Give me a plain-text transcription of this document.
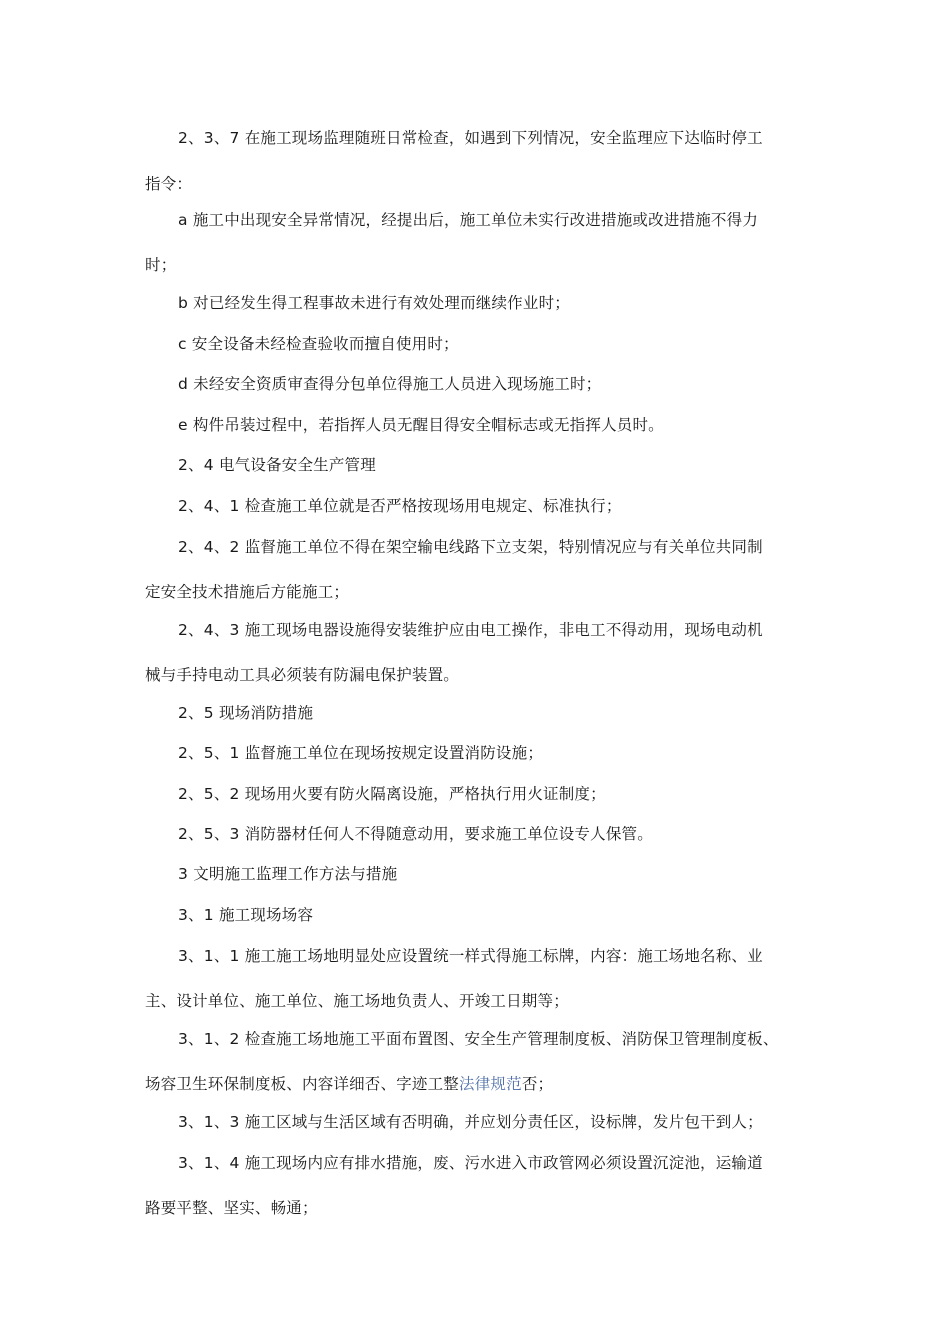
2、3、7 在施工现场监理随班日常检查，如遇到下列情况，安全监理应下达临时停工
指令：
a 施工中出现安全异常情况，经提出后，施工单位未实行改进措施或改进措施不得力
时；
b 对已经发生得工程事故未进行有效处理而继续作业时；
c 安全设备未经检查验收而擅自使用时；
d 未经安全资质审查得分包单位得施工人员进入现场施工时；
e 构件吊装过程中，若指挥人员无醒目得安全帽标志或无指挥人员时。
2、4 电气设备安全生产管理
2、4、1 检查施工单位就是否严格按现场用电规定、标准执行；
2、4、2 监督施工单位不得在架空输电线路下立支架，特别情况应与有关单位共同制
定安全技术措施后方能施工；
2、4、3 施工现场电器设施得安装维护应由电工操作，非电工不得动用，现场电动机
械与手持电动工具必须装有防漏电保护装置。
2、5 现场消防措施
2、5、1 监督施工单位在现场按规定设置消防设施；
2、5、2 现场用火要有防火隔离设施，严格执行用火证制度；
2、5、3 消防器材任何人不得随意动用，要求施工单位设专人保管。
3 文明施工监理工作方法与措施
3、1 施工现场场容
3、1、1 施工施工场地明显处应设置统一样式得施工标牌，内容：施工场地名称、业
主、设计单位、施工单位、施工场地负责人、开竣工日期等；
3、1、2 检查施工场地施工平面布置图、安全生产管理制度板、消防保卫管理制度板、
场容卫生环保制度板、内容详细否、字迹工整法律规范否；
3、1、3 施工区域与生活区域有否明确，并应划分责任区，设标牌，发片包干到人；
3、1、4 施工现场内应有排水措施，废、污水进入市政管网必须设置沉淀池，运输道
路要平整、坚实、畅通；
